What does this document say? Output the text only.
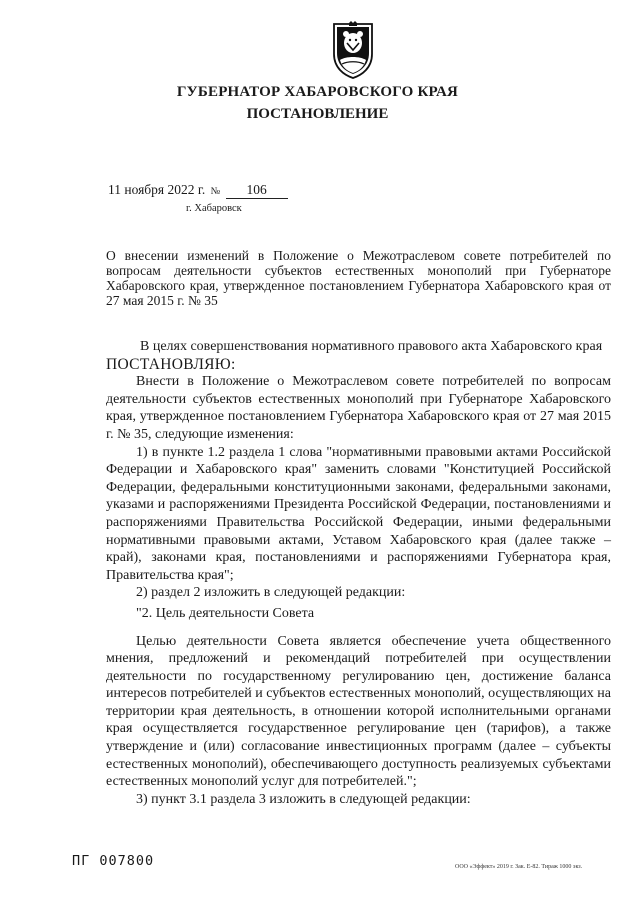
ГУБЕРНАТОР ХАБАРОВСКОГО КРАЯ
ПОСТАНОВЛЕНИЕ
11 ноября 2022 г. № 106
г. Хабаровск
О внесении изменений в Положение о Межотраслевом совете потребителей по вопросам деятельности субъектов естественных монополий при Губернаторе Хабаровского края, утвержденное постановлением Губернатора Хабаровского края от 27 мая 2015 г. № 35

В целях совершенствования нормативного правового акта Хабаровского края

ПОСТАНОВЛЯЮ:

Внести в Положение о Межотраслевом совете потребителей по вопросам деятельности субъектов естественных монополий при Губернаторе Хабаровского края, утвержденное постановлением Губернатора Хабаровского края от 27 мая 2015 г. № 35, следующие изменения:

1) в пункте 1.2 раздела 1 слова "нормативными правовыми актами Российской Федерации и Хабаровского края" заменить словами "Конституцией Российской Федерации, федеральными конституционными законами, федеральными законами, указами и распоряжениями Президента Российской Федерации, постановлениями и распоряжениями Правительства Российской Федерации, иными федеральными нормативными правовыми актами, Уставом Хабаровского края (далее также – край), законами края, постановлениями и распоряжениями Губернатора края, Правительства края";

2) раздел 2 изложить в следующей редакции:

"2. Цель деятельности Совета

Целью деятельности Совета является обеспечение учета общественного мнения, предложений и рекомендаций потребителей при осуществлении деятельности по государственному регулированию цен, достижение баланса интересов потребителей и субъектов естественных монополий, осуществляющих на территории края деятельность, в отношении которой исполнительными органами края осуществляется государственное регулирование цен (тарифов), а также утверждение и (или) согласование инвестиционных программ (далее – субъекты естественных монополий), обеспечивающего доступность реализуемых субъектами естественных монополий услуг для потребителей.";

3) пункт 3.1 раздела 3 изложить в следующей редакции:

ПГ 007800	ООО «Эффект» 2019 г. Зак. Е-82. Тираж 1000 экз.
